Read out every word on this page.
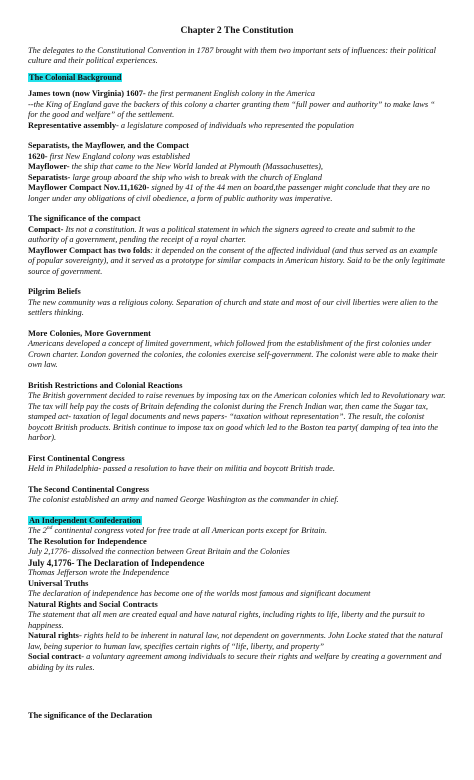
Chapter 2 The Constitution

The delegates to the Constitutional Convention in 1787 brought with them two important sets of influences: their political culture and their political experiences.

The Colonial Background

James town (now Virginia) 1607- the first permanent English colony in the America

--the King of England gave the backers of this colony a charter granting them “full power and authority” to make laws “ for the good and welfare” of the settlement.

Representative assembly- a legislature composed of individuals who represented the population

Separatists, the Mayflower, and the Compact

1620- first New England colony was established

Mayflower- the ship that came to the New World landed at Plymouth (Massachusettes),

Separatists- large group aboard the ship who wish to break with the church of England

Mayflower Compact Nov.11,1620- signed by 41 of the 44 men on board,the passenger might conclude that they are no longer under any obligations of civil obedience, a form of public authority was imperative.

The significance of the compact

Compact- Its not a constitution. It was a political statement in which the signers agreed to create and submit to the authority of a government, pending the receipt of a royal charter.

Mayflower Compact has two folds: it depended on the consent of the affected individual (and thus served as an example of popular sovereignty), and it served as a prototype for similar compacts in American history. Said to be the only legitimate source of government.

Pilgrim Beliefs

The new community was a religious colony. Separation of church and state and most of our civil liberties were alien to the settlers thinking.

More Colonies, More Government

Americans developed a concept of limited government, which followed from the establishment of the first colonies under Crown charter. London governed the colonies, the colonies exercise self-government. The colonist were able to make their own law.

British Restrictions and Colonial Reactions

The British government decided to raise revenues by imposing tax on the American colonies which led to Revolutionary war. The tax will help pay the costs of Britain defending the colonist during the French Indian war, then came the Sugar tax, stamped act- taxation of legal documents and news papers- “taxation without representation”. The result, the colonist boycott British products. British continue to impose tax on good which led to the Boston tea party( damping of tea into the harbor).

First Continental Congress

Held in Philadelphia- passed a resolution to have their on militia and boycott British trade.

The Second Continental Congress

The colonist established an army and named George Washington as the commander in chief.

An Independent Confederation

The 2nd continental congress voted for free trade at all American ports except for Britain.

The Resolution for Independence

July 2,1776- dissolved the connection between Great Britain and the Colonies

July 4,1776- The Declaration of Independence

Thomas Jefferson wrote the Independence

Universal Truths

The declaration of independence has become one of the worlds most famous and significant document

Natural Rights and Social Contracts

The statement that all men are created equal and have natural rights, including rights to life, liberty and the pursuit to happiness.

Natural rights- rights held to be inherent in natural law, not dependent on governments. John Locke stated that the natural law, being superior to human law, specifies certain rights of “life, liberty, and property”

Social contract- a voluntary agreement among individuals to secure their rights and welfare by creating a government and abiding by its rules.

The significance of the Declaration
